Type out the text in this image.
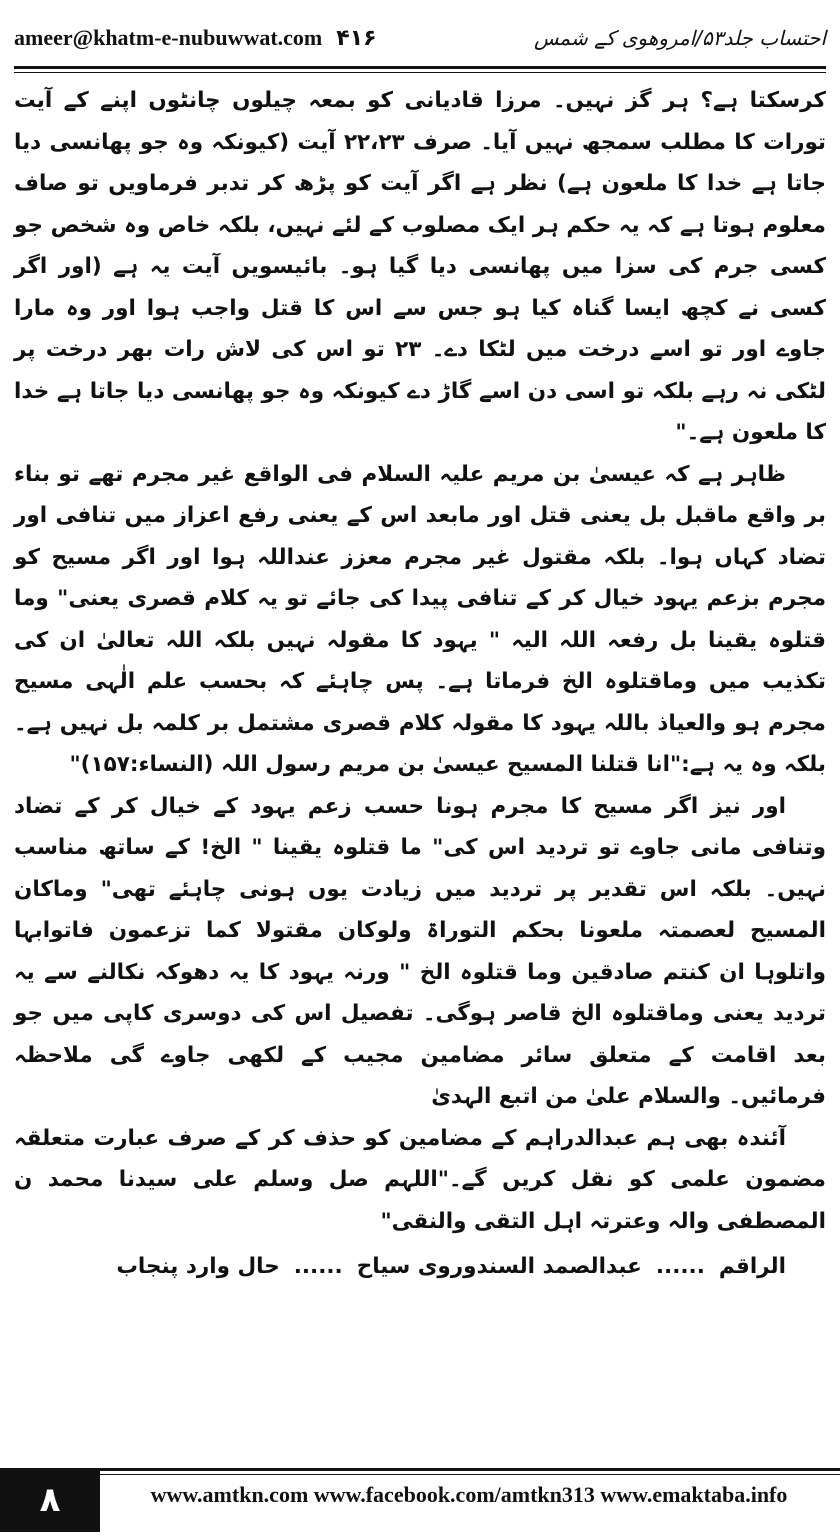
ameer@khatm-e-nubuwwat.com ۴۱۶	احتساب جلد۵۳/امروھوی کے شمس

کرسکتا ہے؟ ہر گز نہیں۔ مرزا قادیانی کو بمعہ چیلوں چانٹوں اپنے کے آیت تورات کا مطلب سمجھ نہیں آیا۔ صرف ۲۲،۲۳ آیت (کیونکہ وہ جو پھانسی دیا جاتا ہے خدا کا ملعون ہے) نظر ہے اگر آیت کو پڑھ کر تدبر فرماویں تو صاف معلوم ہوتا ہے کہ یہ حکم ہر ایک مصلوب کے لئے نہیں، بلکہ خاص وہ شخص جو کسی جرم کی سزا میں پھانسی دیا گیا ہو۔ بائیسویں آیت یہ ہے (اور اگر کسی نے کچھ ایسا گناہ کیا ہو جس سے اس کا قتل واجب ہوا اور وہ مارا جاوے اور تو اسے درخت میں لٹکا دے۔ ۲۳ تو اس کی لاش رات بھر درخت پر لٹکی نہ رہے بلکہ تو اسی دن اسے گاڑ دے کیونکہ وہ جو پھانسی دیا جاتا ہے خدا کا ملعون ہے۔"

ظاہر ہے کہ عیسیٰ بن مریم علیہ السلام فی الواقع غیر مجرم تھے تو بناء بر واقع ماقبل بل یعنی قتل اور مابعد اس کے یعنی رفع اعزاز میں تنافی اور تضاد کہاں ہوا۔ بلکہ مقتول غیر مجرم معزز عنداللہ ہوا اور اگر مسیح کو مجرم بزعم یہود خیال کر کے تنافی پیدا کی جائے تو یہ کلام قصری یعنی" وما قتلوہ یقینا بل رفعہ اللہ الیہ " یہود کا مقولہ نہیں بلکہ اللہ تعالیٰ ان کی تکذیب میں وماقتلوہ الخ فرماتا ہے۔ پس چاہئے کہ بحسب علم الٰہی مسیح مجرم ہو والعیاذ باللہ یہود کا مقولہ کلام قصری مشتمل بر کلمہ بل نہیں ہے۔ بلکہ وہ یہ ہے:"انا قتلنا المسیح عیسیٰ بن مریم رسول اللہ (النساء:۱۵۷)"

اور نیز اگر مسیح کا مجرم ہونا حسب زعم یہود کے خیال کر کے تضاد وتنافی مانی جاوے تو تردید اس کی" ما قتلوہ یقینا " الخ! کے ساتھ مناسب نہیں۔ بلکہ اس تقدیر پر تردید میں زیادت یوں ہونی چاہئے تھی" وماکان المسیح لعصمتہ ملعونا بحکم التوراۃ ولوکان مقتولا کما تزعمون فاتوابہا واتلوہا ان کنتم صادقین وما قتلوہ الخ " ورنہ یہود کا یہ دھوکہ نکالنے سے یہ تردید یعنی وماقتلوہ الخ قاصر ہوگی۔ تفصیل اس کی دوسری کاپی میں جو بعد اقامت کے متعلق سائر مضامین مجیب کے لکھی جاوے گی ملاحظہ فرمائیں۔ والسلام علیٰ من اتبع الہدیٰ

آئندہ بھی ہم عبدالدراہم کے مضامین کو حذف کر کے صرف عبارت متعلقہ مضمون علمی کو نقل کریں گے۔"اللہم صل وسلم علی سیدنا محمد ن المصطفی والہ وعترتہ اہل التقی والنقی"

الراقم
......
عبدالصمد السندوروی سیاح
......
حال وارد پنجاب
٨	www.amtkn.com www.facebook.com/amtkn313 www.emaktaba.info
